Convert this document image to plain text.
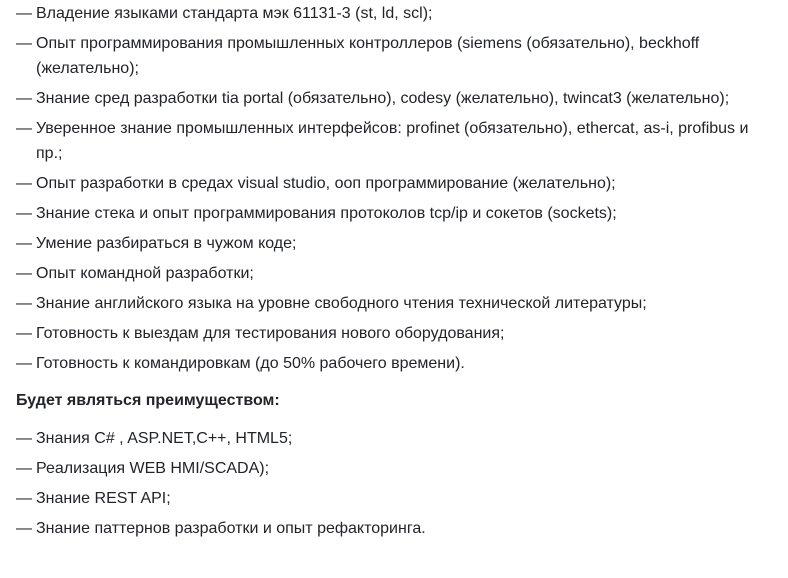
— Владение языками стандарта мэк 61131-3 (st, ld, scl);
— Опыт программирования промышленных контроллеров (siemens (обязательно), beckhoff (желательно);
— Знание сред разработки tia portal (обязательно), codesy (желательно), twincat3 (желательно);
— Уверенное знание промышленных интерфейсов: profinet (обязательно), ethercat, as-i, profibus и пр.;
— Опыт разработки в средах visual studio, ооп программирование (желательно);
— Знание стека и опыт программирования протоколов tcp/ip и сокетов (sockets);
— Умение разбираться в чужом коде;
— Опыт командной разработки;
— Знание английского языка на уровне свободного чтения технической литературы;
— Готовность к выездам для тестирования нового оборудования;
— Готовность к командировкам (до 50% рабочего времени).
Будет являться преимуществом:
— Знания C# , ASP.NET,C++, HTML5;
— Реализация WEB HMI/SCADA);
— Знание REST API;
— Знание паттернов разработки и опыт рефакторинга.
